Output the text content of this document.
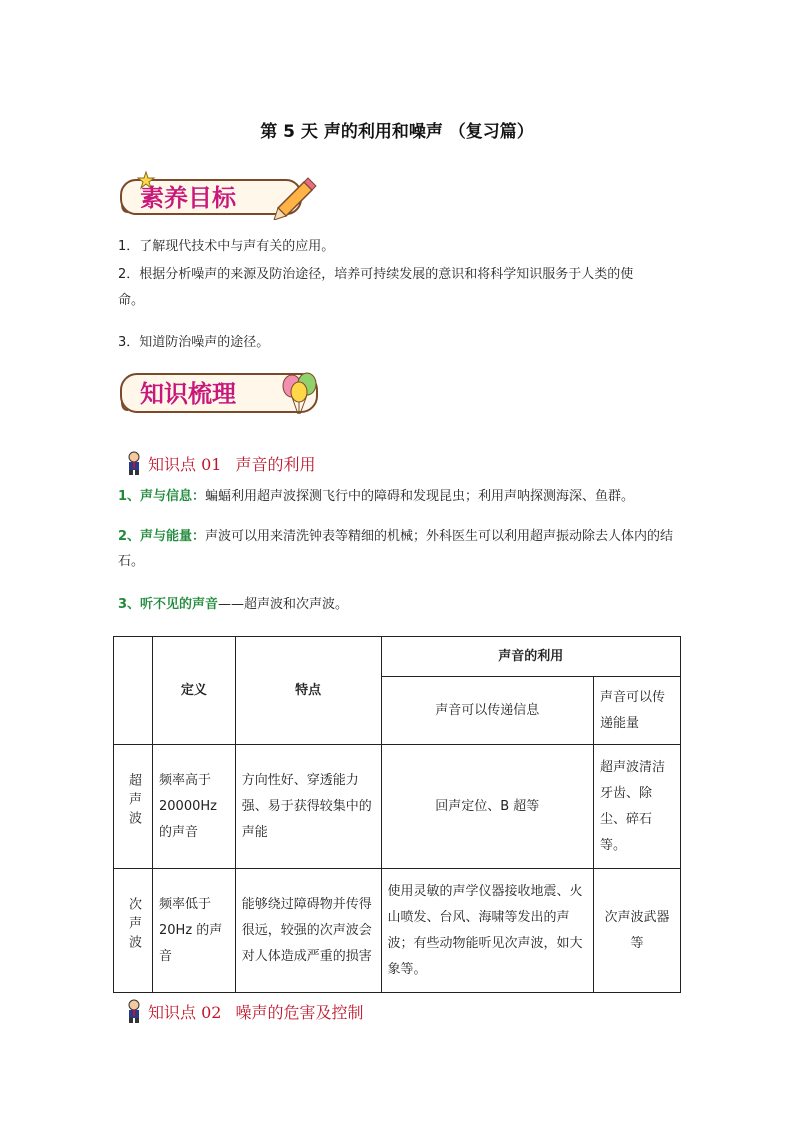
第 5 天 声的利用和噪声 （复习篇）
素养目标
1．了解现代技术中与声有关的应用。
2．根据分析噪声的来源及防治途径，培养可持续发展的意识和将科学知识服务于人类的使
命。
3．知道防治噪声的途径。
知识梳理
知识点 01 声音的利用
1、声与信息：蝙蝠利用超声波探测飞行中的障碍和发现昆虫；利用声呐探测海深、鱼群。
2、声与能量：声波可以用来清洗钟表等精细的机械；外科医生可以利用超声振动除去人体内的结石。
3、听不见的声音——超声波和次声波。
	定义	特点	声音的利用	
			声音可以传递信息	声音可以传递能量
超声波	频率高于20000Hz 的声音	方向性好、穿透能力强、易于获得较集中的声能	回声定位、B 超等	超声波清洁牙齿、除尘、碎石等。
次声波	频率低于20Hz 的声音	能够绕过障碍物并传得很远，较强的次声波会对人体造成严重的损害	使用灵敏的声学仪器接收地震、火山喷发、台风、海啸等发出的声波；有些动物能听见次声波，如大象等。	次声波武器等
知识点 02 噪声的危害及控制
